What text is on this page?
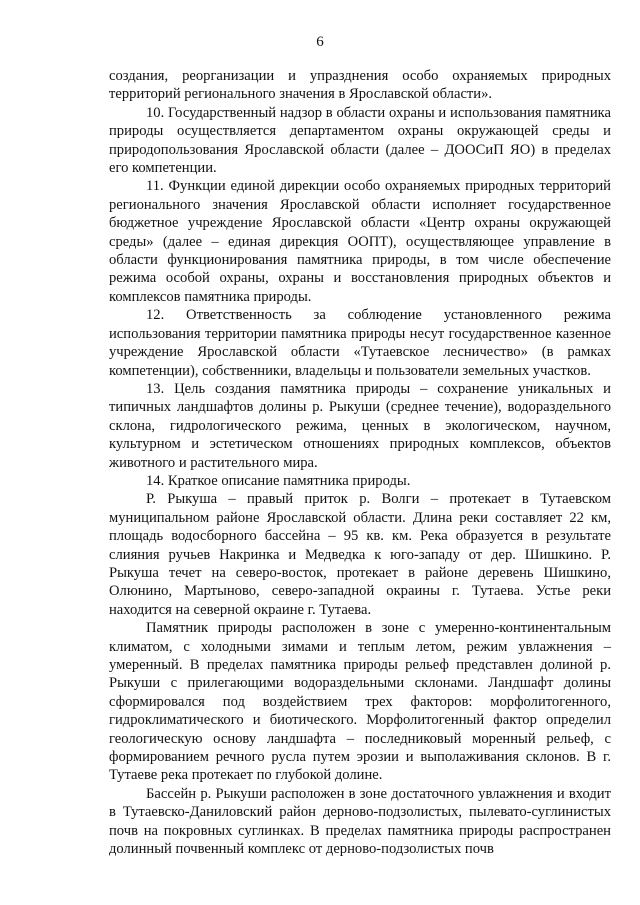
6

создания, реорганизации и упразднения особо охраняемых природных территорий регионального значения в Ярославской области».

10. Государственный надзор в области охраны и использования памятника природы осуществляется департаментом охраны окружающей среды и природопользования Ярославской области (далее – ДООСиП ЯО) в пределах его компетенции.

11. Функции единой дирекции особо охраняемых природных территорий регионального значения Ярославской области исполняет государственное бюджетное учреждение Ярославской области «Центр охраны окружающей среды» (далее – единая дирекция ООПТ), осуществляющее управление в области функционирования памятника природы, в том числе обеспечение режима особой охраны, охраны и восстановления природных объектов и комплексов памятника природы.

12. Ответственность за соблюдение установленного режима использования территории памятника природы несут государственное казенное учреждение Ярославской области «Тутаевское лесничество» (в рамках компетенции), собственники, владельцы и пользователи земельных участков.

13. Цель создания памятника природы – сохранение уникальных и типичных ландшафтов долины р. Рыкуши (среднее течение), водораздельного склона, гидрологического режима, ценных в экологическом, научном, культурном и эстетическом отношениях природных комплексов, объектов животного и растительного мира.

14. Краткое описание памятника природы.

Р. Рыкуша – правый приток р. Волги – протекает в Тутаевском муниципальном районе Ярославской области. Длина реки составляет 22 км, площадь водосборного бассейна – 95 кв. км. Река образуется в результате слияния ручьев Накринка и Медведка к юго-западу от дер. Шишкино. Р. Рыкуша течет на северо-восток, протекает в районе деревень Шишкино, Олюнино, Мартыново, северо-западной окраины г. Тутаева. Устье реки находится на северной окраине г. Тутаева.

Памятник природы расположен в зоне с умеренно-континентальным климатом, с холодными зимами и теплым летом, режим увлажнения – умеренный. В пределах памятника природы рельеф представлен долиной р. Рыкуши с прилегающими водораздельными склонами. Ландшафт долины сформировался под воздействием трех факторов: морфолитогенного, гидроклиматического и биотического. Морфолитогенный фактор определил геологическую основу ландшафта – последниковый моренный рельеф, с формированием речного русла путем эрозии и выполаживания склонов. В г. Тутаеве река протекает по глубокой долине.

Бассейн р. Рыкуши расположен в зоне достаточного увлажнения и входит в Тутаевско-Даниловский район дерново-подзолистых, пылевато-суглинистых почв на покровных суглинках. В пределах памятника природы распространен долинный почвенный комплекс от дерново-подзолистых почв
